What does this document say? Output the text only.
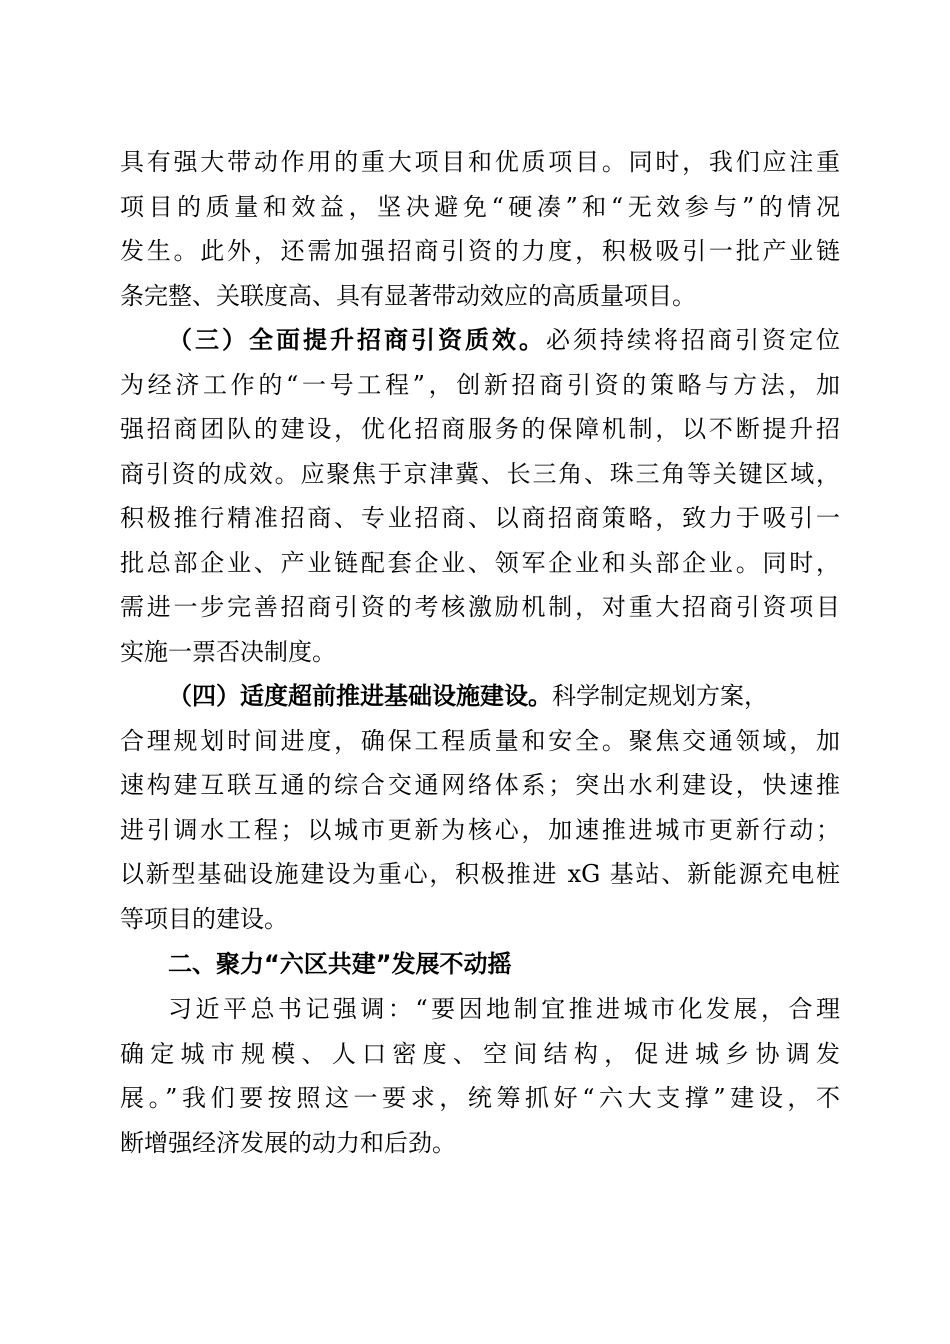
具有强大带动作用的重大项目和优质项目。同时，我们应注重
项目的质量和效益，坚决避免“硬凑”和“无效参与”的情况
发生。此外，还需加强招商引资的力度，积极吸引一批产业链
条完整、关联度高、具有显著带动效应的高质量项目。
（三）全面提升招商引资质效。必须持续将招商引资定位
为经济工作的“一号工程”，创新招商引资的策略与方法，加
强招商团队的建设，优化招商服务的保障机制，以不断提升招
商引资的成效。应聚焦于京津冀、长三角、珠三角等关键区域，
积极推行精准招商、专业招商、以商招商策略，致力于吸引一
批总部企业、产业链配套企业、领军企业和头部企业。同时，
需进一步完善招商引资的考核激励机制，对重大招商引资项目
实施一票否决制度。
（四）适度超前推进基础设施建设。科学制定规划方案，
合理规划时间进度，确保工程质量和安全。聚焦交通领域，加
速构建互联互通的综合交通网络体系；突出水利建设，快速推
进引调水工程；以城市更新为核心，加速推进城市更新行动；
以新型基础设施建设为重心，积极推进 xG 基站、新能源充电桩
等项目的建设。
二、聚力“六区共建”发展不动摇
习近平总书记强调：“要因地制宜推进城市化发展，合理
确定城市规模、人口密度、空间结构，促进城乡协调发
展。”我们要按照这一要求，统筹抓好“六大支撑”建设，不
断增强经济发展的动力和后劲。
